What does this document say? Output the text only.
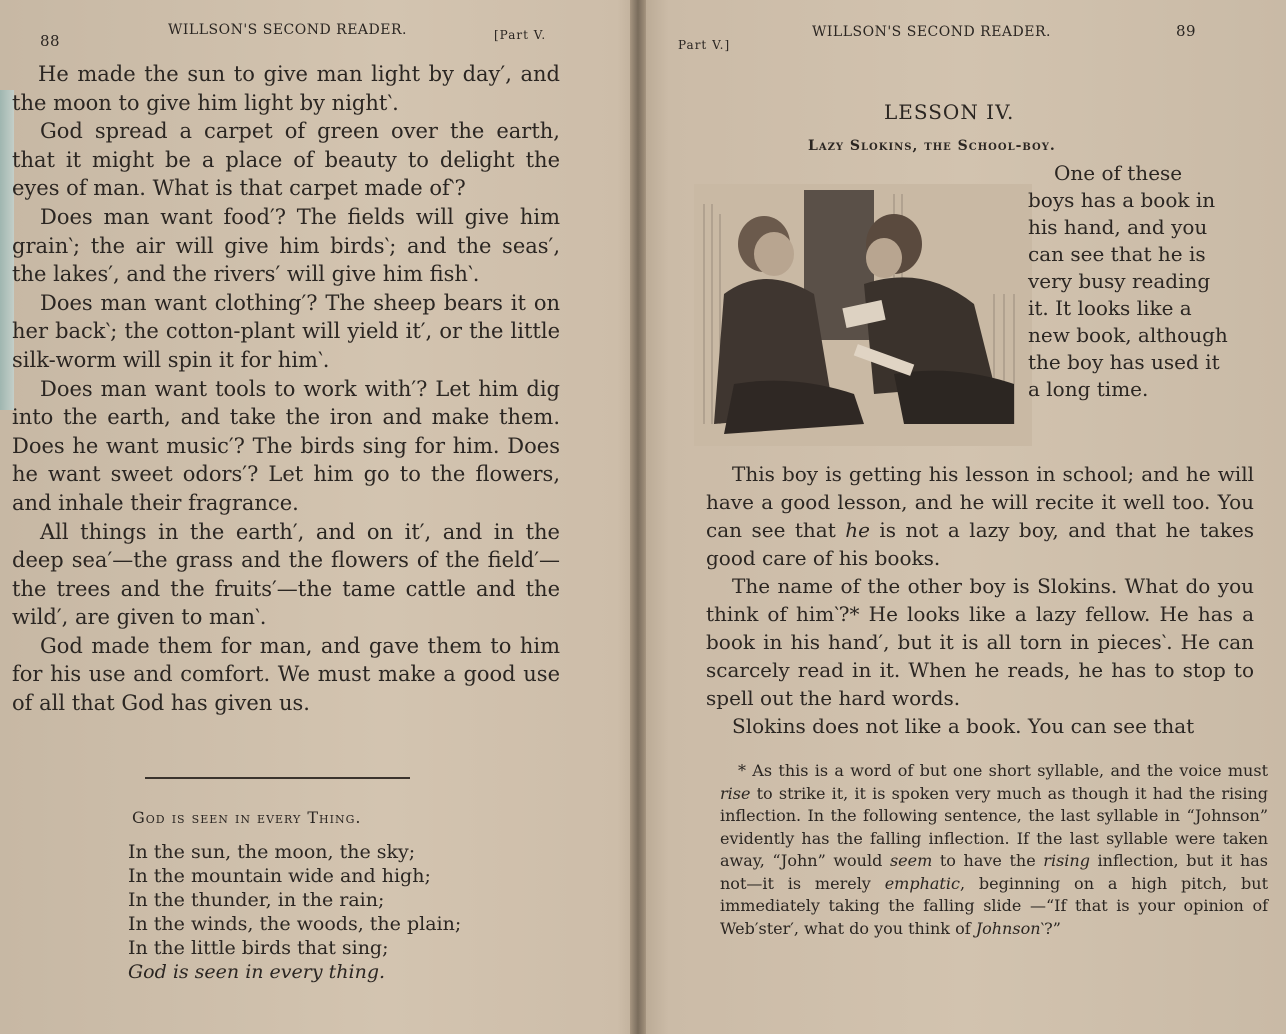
88
WILLSON'S SECOND READER.	[Part V.

He made the sun to give man light by day′, and the moon to give him light by night‵.

God spread a carpet of green over the earth, that it might be a place of beauty to delight the eyes of man. What is that carpet made of‵?

Does man want food′? The fields will give him grain‵; the air will give him birds‵; and the seas′, the lakes′, and the rivers′ will give him fish‵.

Does man want clothing′? The sheep bears it on her back‵; the cotton-plant will yield it′, or the little silk-worm will spin it for him‵.

Does man want tools to work with′? Let him dig into the earth, and take the iron and make them. Does he want music′? The birds sing for him. Does he want sweet odors′? Let him go to the flowers, and inhale their fragrance.

All things in the earth′, and on it′, and in the deep sea′—the grass and the flowers of the field′—the trees and the fruits′—the tame cattle and the wild′, are given to man‵.

God made them for man, and gave them to him for his use and comfort. We must make a good use of all that God has given us.

God is seen in every Thing.
In the sun, the moon, the sky;
In the mountain wide and high;
In the thunder, in the rain;
In the winds, the woods, the plain;
In the little birds that sing;
God is seen in every thing.
Part V.]
WILLSON'S SECOND READER.	89
LESSON IV.
Lazy Slokins, the School-boy.

One of these boys has a book in his hand, and you can see that he is very busy reading it. It looks like a new book, although the boy has used it a long time.

This boy is getting his lesson in school; and he will have a good lesson, and he will recite it well too. You can see that he is not a lazy boy, and that he takes good care of his books.

The name of the other boy is Slokins. What do you think of him‵?* He looks like a lazy fellow. He has a book in his hand′, but it is all torn in pieces‵. He can scarcely read in it. When he reads, he has to stop to spell out the hard words.

Slokins does not like a book. You can see that

* As this is a word of but one short syllable, and the voice must rise to strike it, it is spoken very much as though it had the rising inflection. In the following sentence, the last syllable in “Johnson” evidently has the falling inflection. If the last syllable were taken away, “John” would seem to have the rising inflection, but it has not—it is merely emphatic, beginning on a high pitch, but immediately taking the falling slide —“If that is your opinion of Web′ster′, what do you think of Johnson‵?”
